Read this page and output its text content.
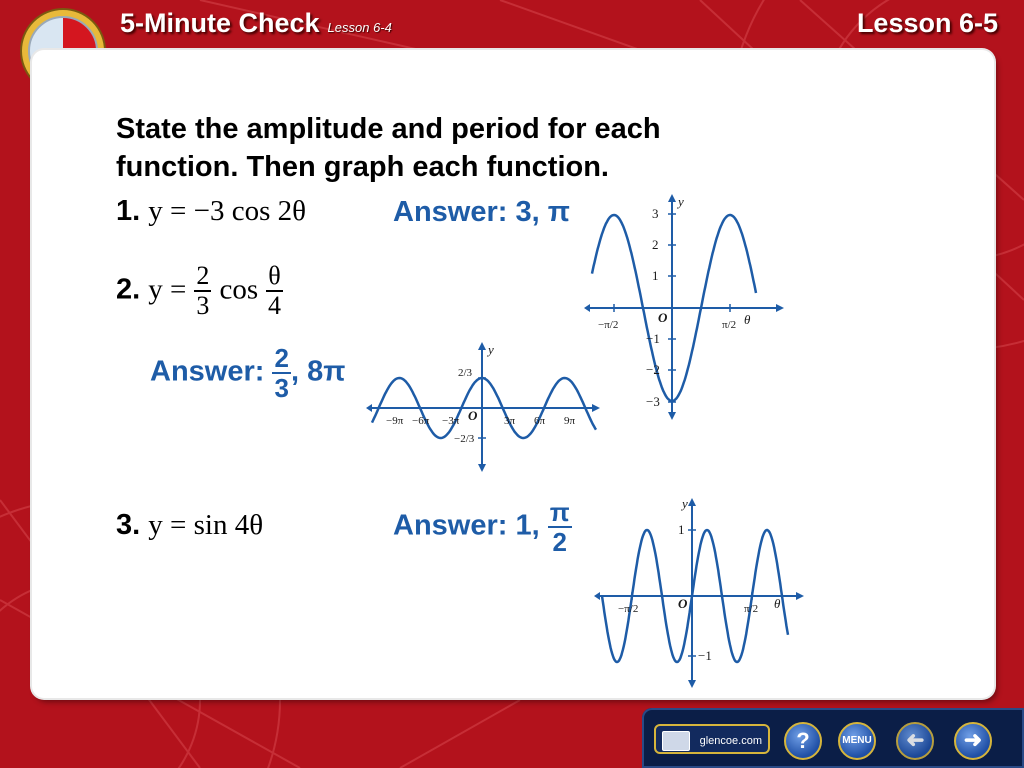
5-Minute Check Lesson 6-4	Lesson 6-5
State the amplitude and period for each
function. Then graph each function.
1. y = −3 cos 2θ	Answer: 3, π
2. $y = \frac{2}{3}$ $\cos \frac{\theta}{4}$
Answer: $\frac{2}{3}$ , 8π
3. y = sin 4θ	Answer: 1, $\frac{\pi}{2}$
y
θ
O
3
2
1
−1
−2
−3
−π/2	π/2
y
O
−9π −6π −3π	3π 6π 9π
2/3
−2/3
y
θ
O
1
−1
−π/2	π/2
glencoe.com	?	MENU	➜	➜
